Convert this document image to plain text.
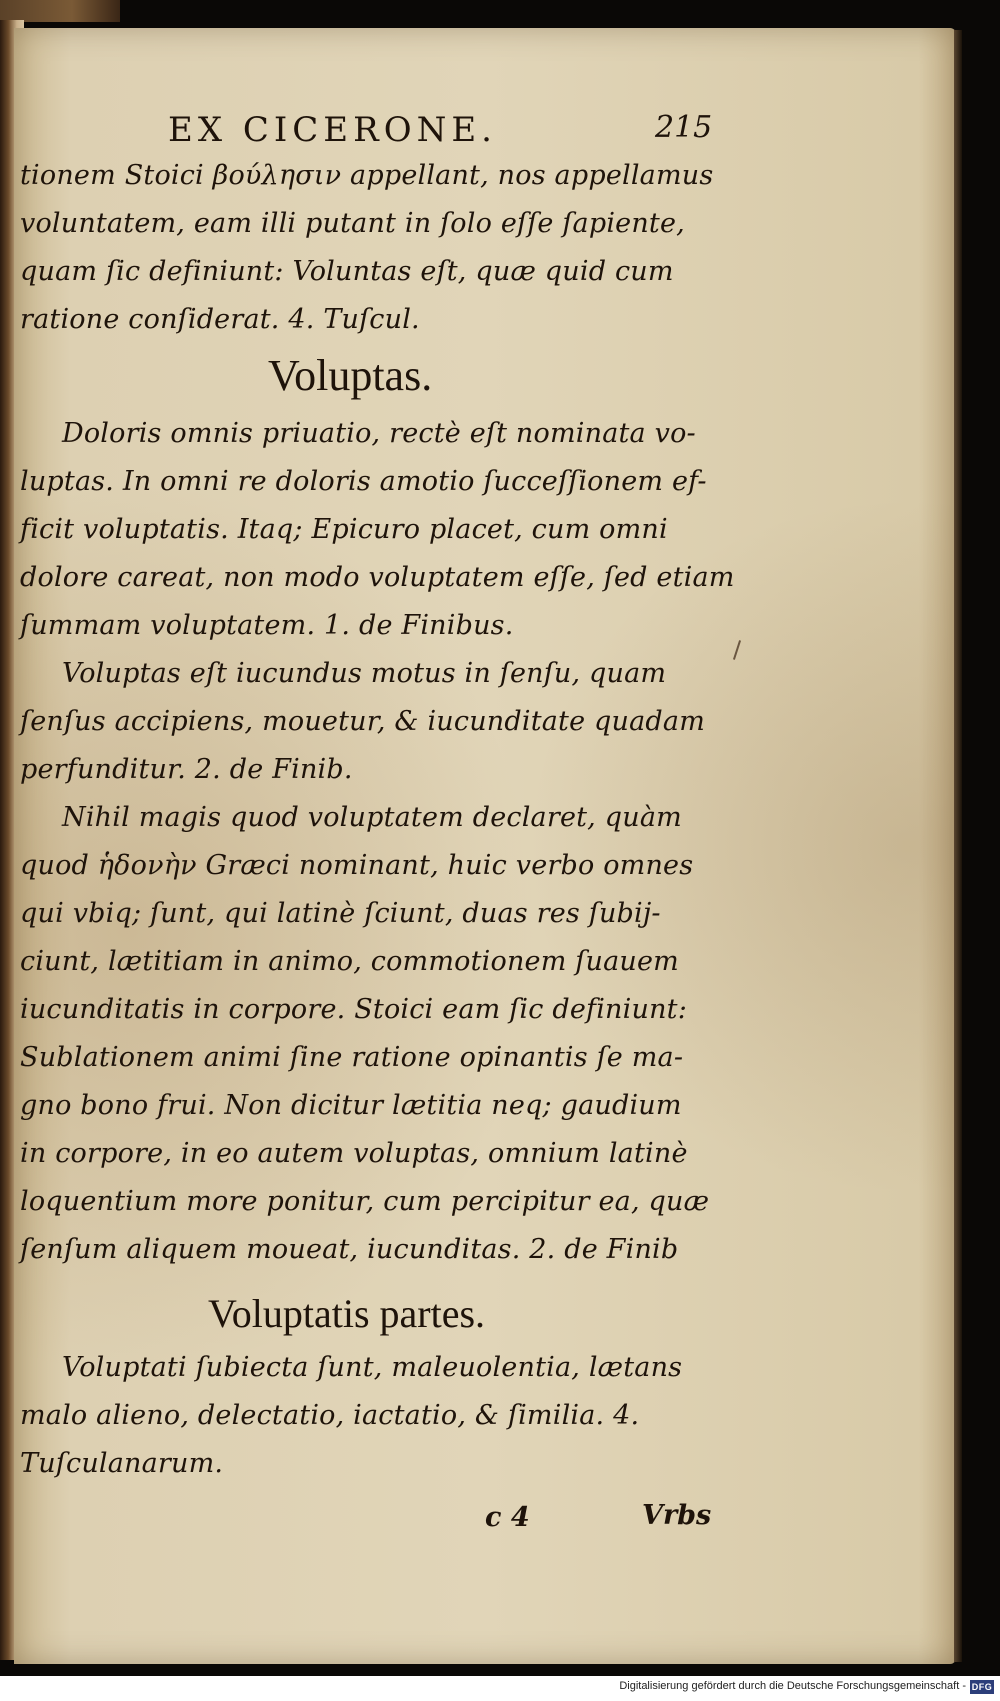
EX CICERONE.	215
tionem Stoici βούλησιν appellant, nos appellamus
voluntatem, eam illi putant in ſolo eſſe ſapiente,
quam ſic definiunt: Voluntas eſt, quæ quid cum
ratione conſiderat. 4. Tuſcul.
Voluptas.
Doloris omnis priuatio, rectè eſt nominata vo-
luptas. In omni re doloris amotio ſucceſſionem ef-
ficit voluptatis. Itaq; Epicuro placet, cum omni
dolore careat, non modo voluptatem eſſe, ſed etiam
ſummam voluptatem. 1. de Finibus.
Voluptas eſt iucundus motus in ſenſu, quam
ſenſus accipiens, mouetur, & iucunditate quadam
perfunditur. 2. de Finib.
Nihil magis quod voluptatem declaret, quàm
quod ἡδονὴν Græci nominant, huic verbo omnes
qui vbiq; ſunt, qui latinè ſciunt, duas res ſubij-
ciunt, lætitiam in animo, commotionem ſuauem
iucunditatis in corpore. Stoici eam ſic definiunt:
Sublationem animi ſine ratione opinantis ſe ma-
gno bono frui. Non dicitur lætitia neq; gaudium
in corpore, in eo autem voluptas, omnium latinè
loquentium more ponitur, cum percipitur ea, quæ
ſenſum aliquem moueat, iucunditas. 2. de Finib
Voluptatis partes.
Voluptati ſubiecta ſunt, maleuolentia, lætans
malo alieno, delectatio, iactatio, & ſimilia. 4.
Tuſculanarum.
c 4	Vrbs
Digitalisierung gefördert durch die Deutsche Forschungsgemeinschaft - DFG
